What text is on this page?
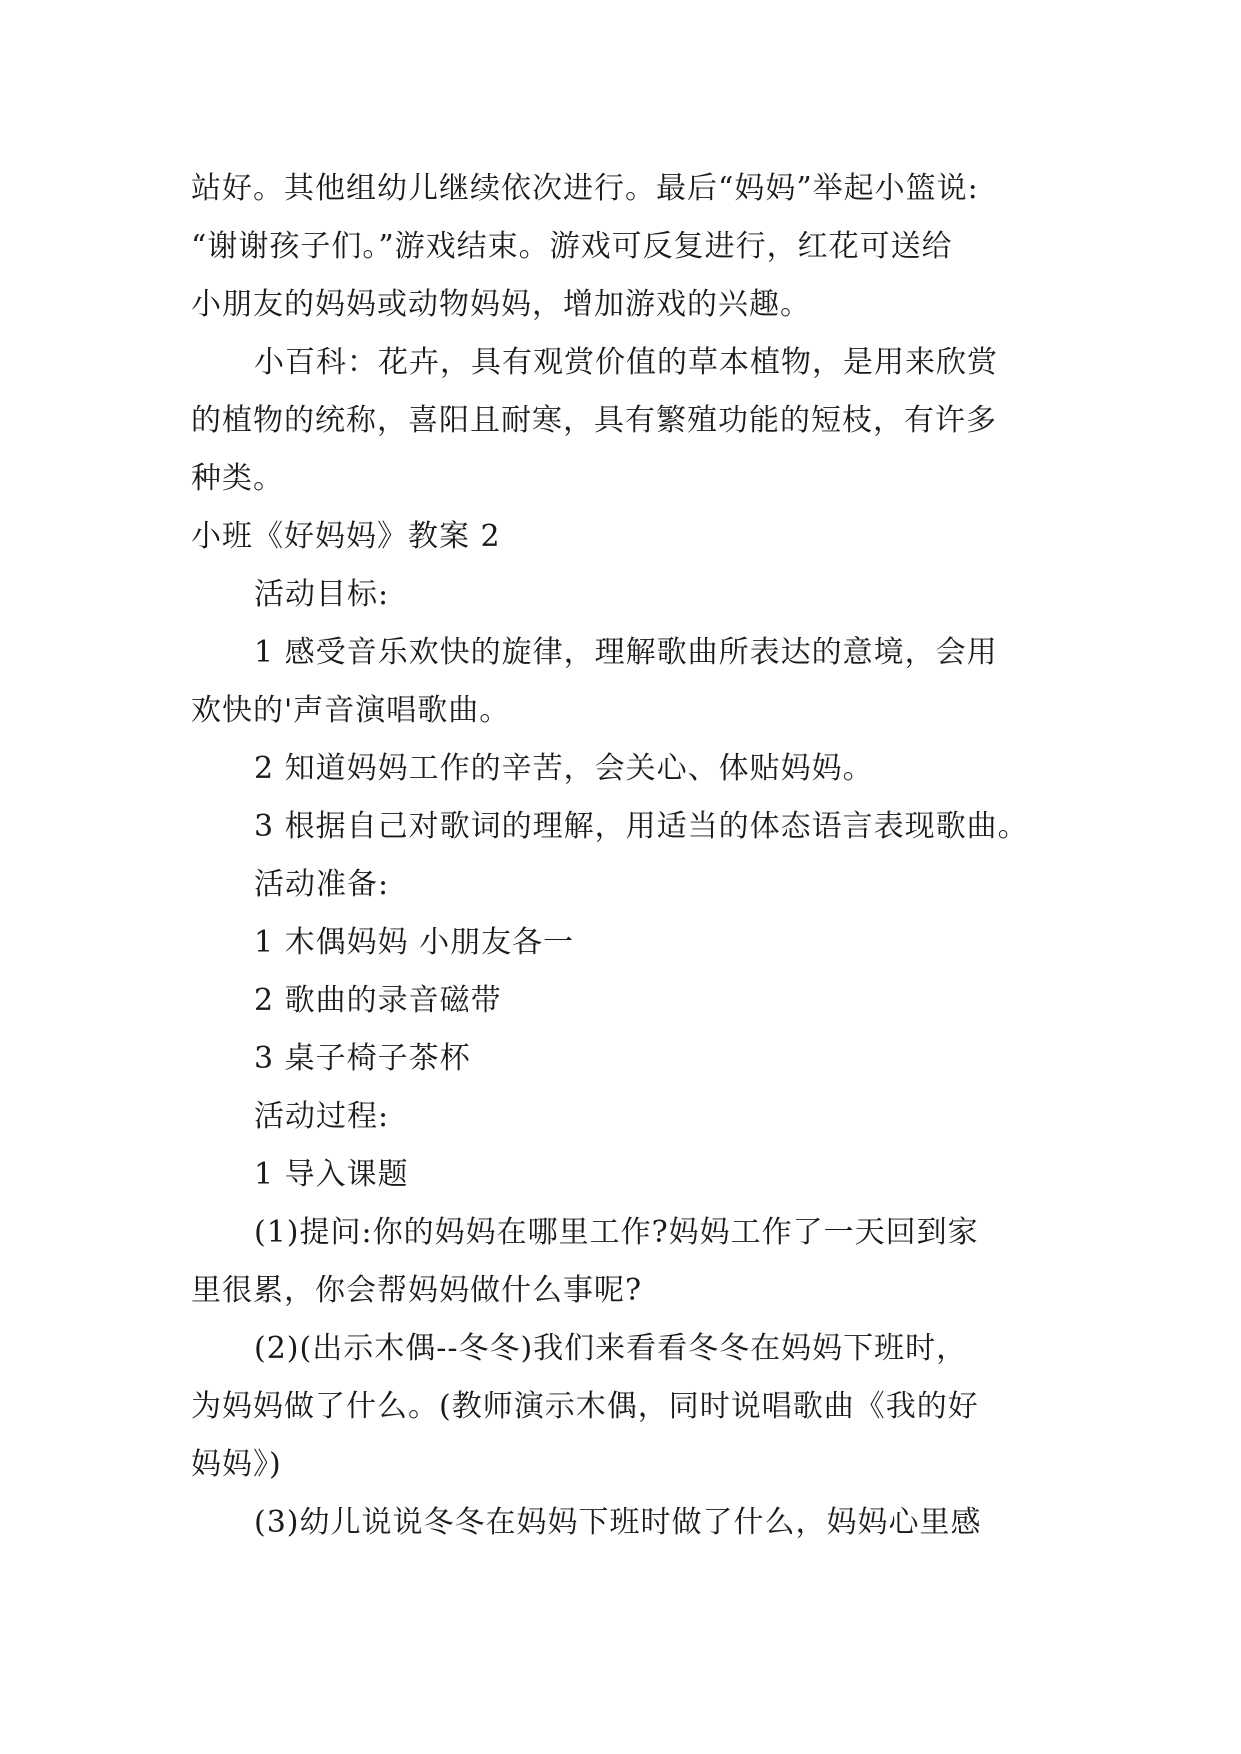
站好。其他组幼儿继续依次进行。最后“妈妈”举起小篮说:

“谢谢孩子们。”游戏结束。游戏可反复进行，红花可送给

小朋友的妈妈或动物妈妈，增加游戏的兴趣。

小百科：花卉，具有观赏价值的草本植物，是用来欣赏

的植物的统称，喜阳且耐寒，具有繁殖功能的短枝，有许多

种类。

小班《好妈妈》教案 2

活动目标:

1 感受音乐欢快的旋律，理解歌曲所表达的意境，会用

欢快的'声音演唱歌曲。

2 知道妈妈工作的辛苦，会关心、体贴妈妈。

3 根据自己对歌词的理解，用适当的体态语言表现歌曲。

活动准备:

1 木偶妈妈 小朋友各一

2 歌曲的录音磁带

3 桌子椅子茶杯

活动过程:

1 导入课题

(1)提问:你的妈妈在哪里工作?妈妈工作了一天回到家

里很累，你会帮妈妈做什么事呢?

(2)(出示木偶--冬冬)我们来看看冬冬在妈妈下班时，

为妈妈做了什么。(教师演示木偶，同时说唱歌曲《我的好

妈妈》)

(3)幼儿说说冬冬在妈妈下班时做了什么，妈妈心里感
